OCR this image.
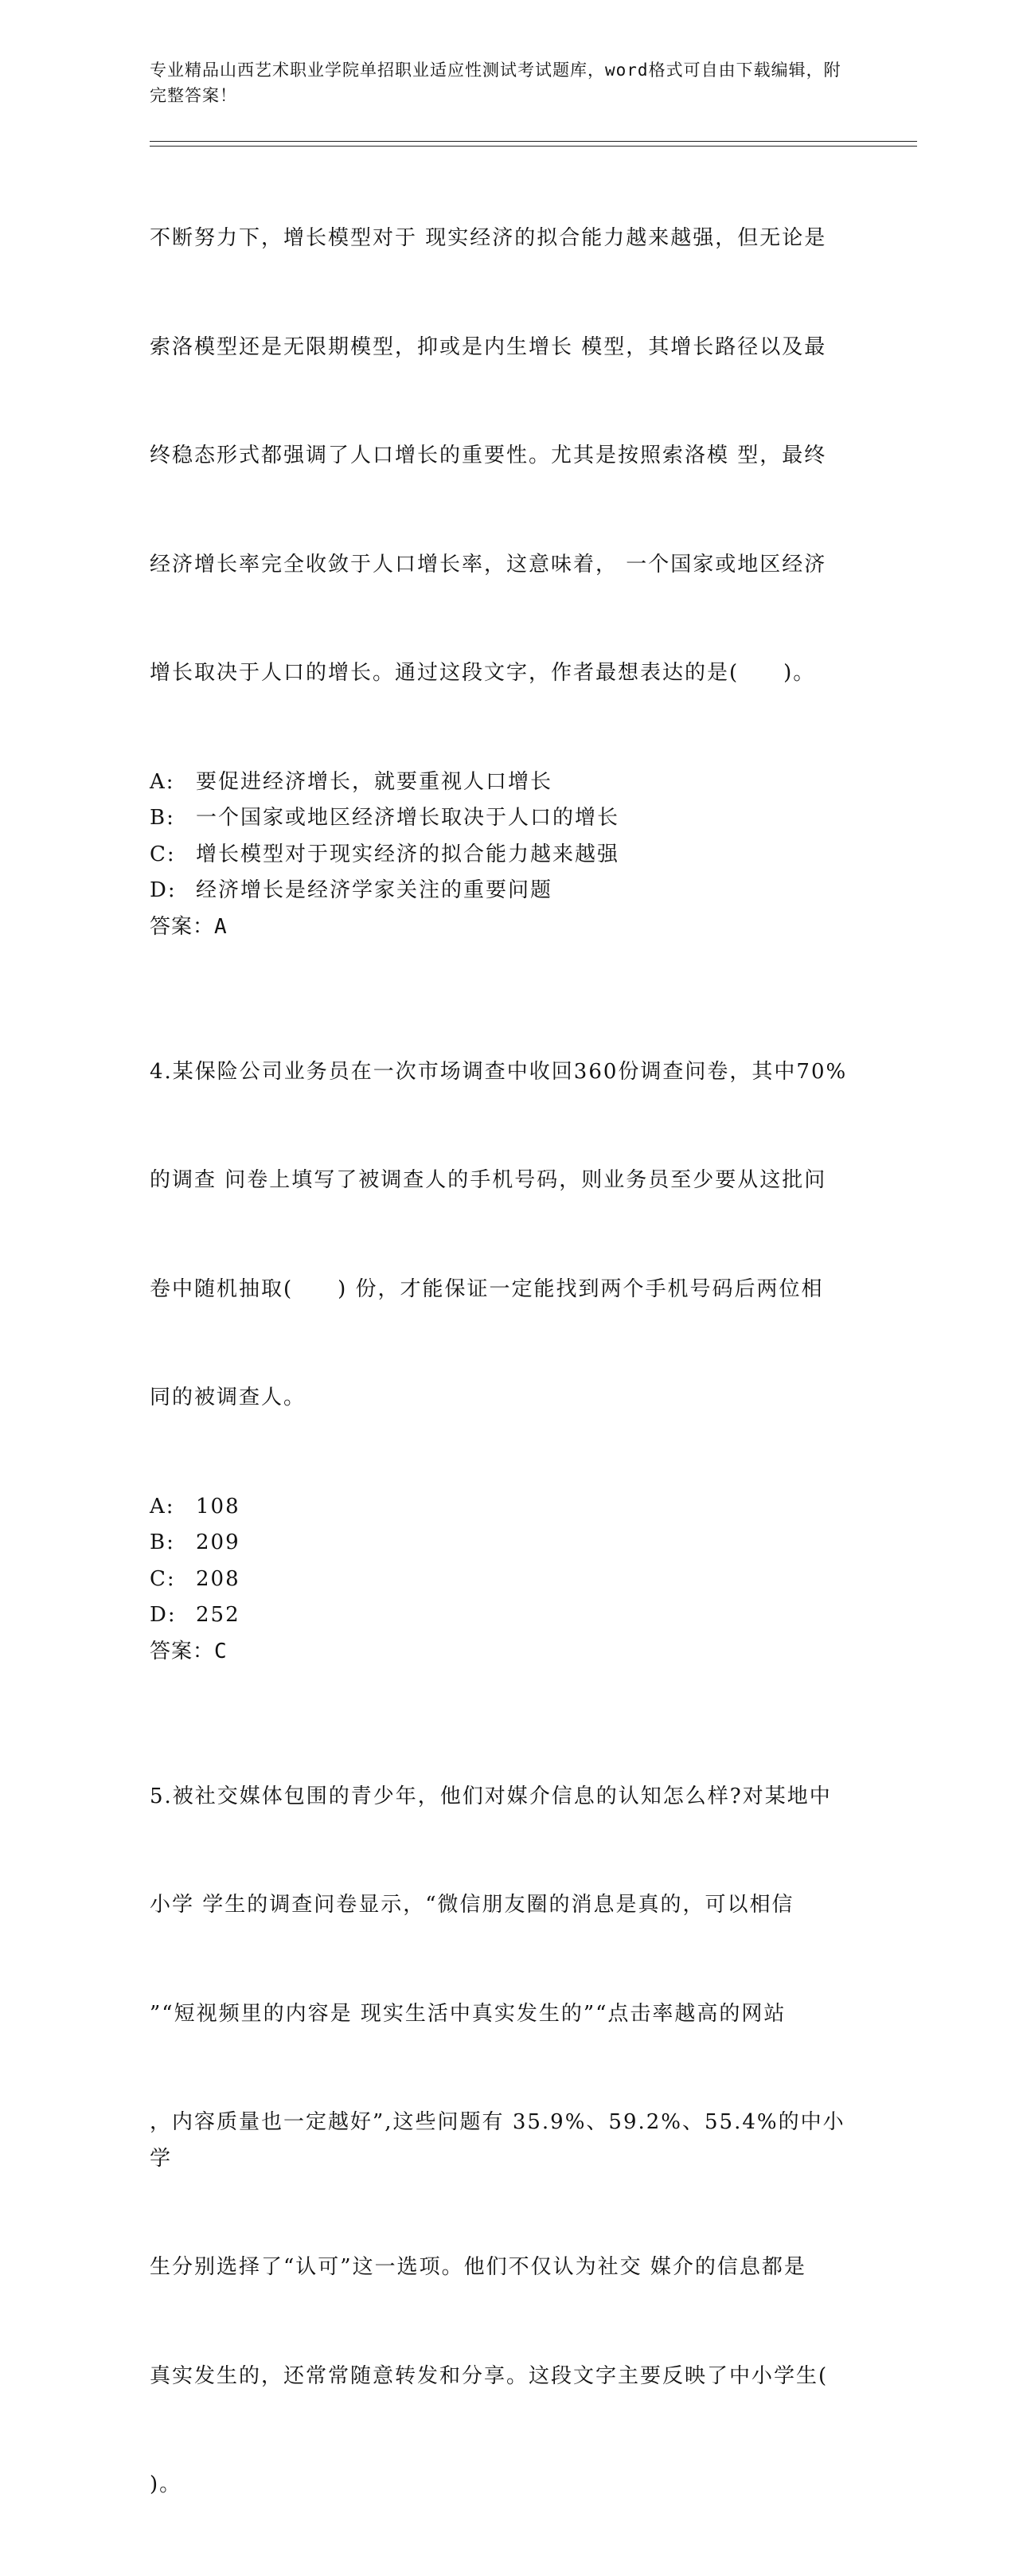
专业精品山西艺术职业学院单招职业适应性测试考试题库，word格式可自由下载编辑，附完整答案！

不断努力下，增长模型对于 现实经济的拟合能力越来越强，但无论是

索洛模型还是无限期模型，抑或是内生增长 模型，其增长路径以及最

终稳态形式都强调了人口增长的重要性。尤其是按照索洛模 型，最终

经济增长率完全收敛于人口增长率，这意味着， 一个国家或地区经济

增长取决于人口的增长。通过这段文字，作者最想表达的是(　　)。

A:	要促进经济增长，就要重视人口增长
B:	一个国家或地区经济增长取决于人口的增长
C: 增长模型对于现实经济的拟合能力越来越强
D: 经济增长是经济学家关注的重要问题
答案：A

4.某保险公司业务员在一次市场调查中收回360份调查问卷，其中70%

的调查 问卷上填写了被调查人的手机号码，则业务员至少要从这批问

卷中随机抽取(　　) 份，才能保证一定能找到两个手机号码后两位相

同的被调查人。

A:	108
B:	209
C: 208
D: 252
答案：C

5.被社交媒体包围的青少年，他们对媒介信息的认知怎么样?对某地中

小学 学生的调查问卷显示，“微信朋友圈的消息是真的，可以相信

”“短视频里的内容是 现实生活中真实发生的”“点击率越高的网站

，内容质量也一定越好”,这些问题有 35.9%、59.2%、55.4%的中小学

生分别选择了“认可”这一选项。他们不仅认为社交 媒介的信息都是

真实发生的，还常常随意转发和分享。这段文字主要反映了中小学生(

)。
